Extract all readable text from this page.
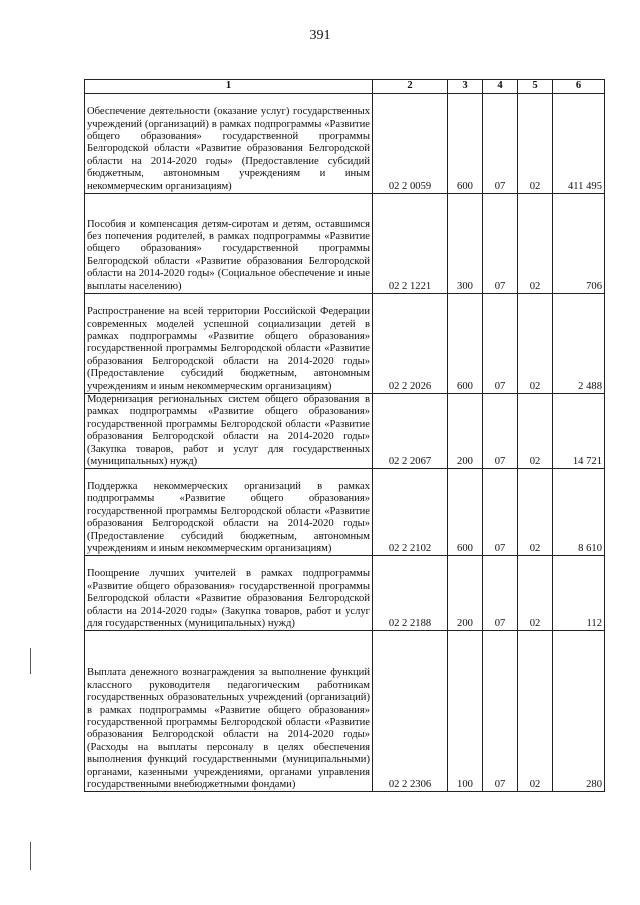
391
1	2	3	4	5	6
Обеспечение деятельности (оказание услуг) государственных учреждений (организаций) в рамках подпрограммы «Развитие общего образования» государственной программы Белгородской области «Развитие образования Белгородской области на 2014-2020 годы» (Предоставление субсидий бюджетным, автономным учреждениям и иным некоммерческим организациям)	02 2 0059	600	07	02	411 495
Пособия и компенсация детям-сиротам и детям, оставшимся без попечения родителей, в рамках подпрограммы «Развитие общего образования» государственной программы Белгородской области «Развитие образования Белгородской области на 2014-2020 годы» (Социальное обеспечение и иные выплаты населению)	02 2 1221	300	07	02	706
Распространение на всей территории Российской Федерации современных моделей успешной социализации детей в рамках подпрограммы «Развитие общего образования» государственной программы Белгородской области «Развитие образования Белгородской области на 2014-2020 годы» (Предоставление субсидий бюджетным, автономным учреждениям и иным некоммерческим организациям)	02 2 2026	600	07	02	2 488
Модернизация региональных систем общего образования в рамках подпрограммы «Развитие общего образования» государственной программы Белгородской области «Развитие образования Белгородской области на 2014-2020 годы» (Закупка товаров, работ и услуг для государственных (муниципальных) нужд)	02 2 2067	200	07	02	14 721
Поддержка некоммерческих организаций в рамках подпрограммы «Развитие общего образования» государственной программы Белгородской области «Развитие образования Белгородской области на 2014-2020 годы» (Предоставление субсидий бюджетным, автономным учреждениям и иным некоммерческим организациям)	02 2 2102	600	07	02	8 610
Поощрение лучших учителей в рамках подпрограммы «Развитие общего образования» государственной программы Белгородской области «Развитие образования Белгородской области на 2014-2020 годы» (Закупка товаров, работ и услуг для государственных (муниципальных) нужд)	02 2 2188	200	07	02	112
Выплата денежного вознаграждения за выполнение функций классного руководителя педагогическим работникам государственных образовательных учреждений (организаций) в рамках подпрограммы «Развитие общего образования» государственной программы Белгородской области «Развитие образования Белгородской области на 2014-2020 годы» (Расходы на выплаты персоналу в целях обеспечения выполнения функций государственными (муниципальными) органами, казенными учреждениями, органами управления государственными внебюджетными фондами)	02 2 2306	100	07	02	280
